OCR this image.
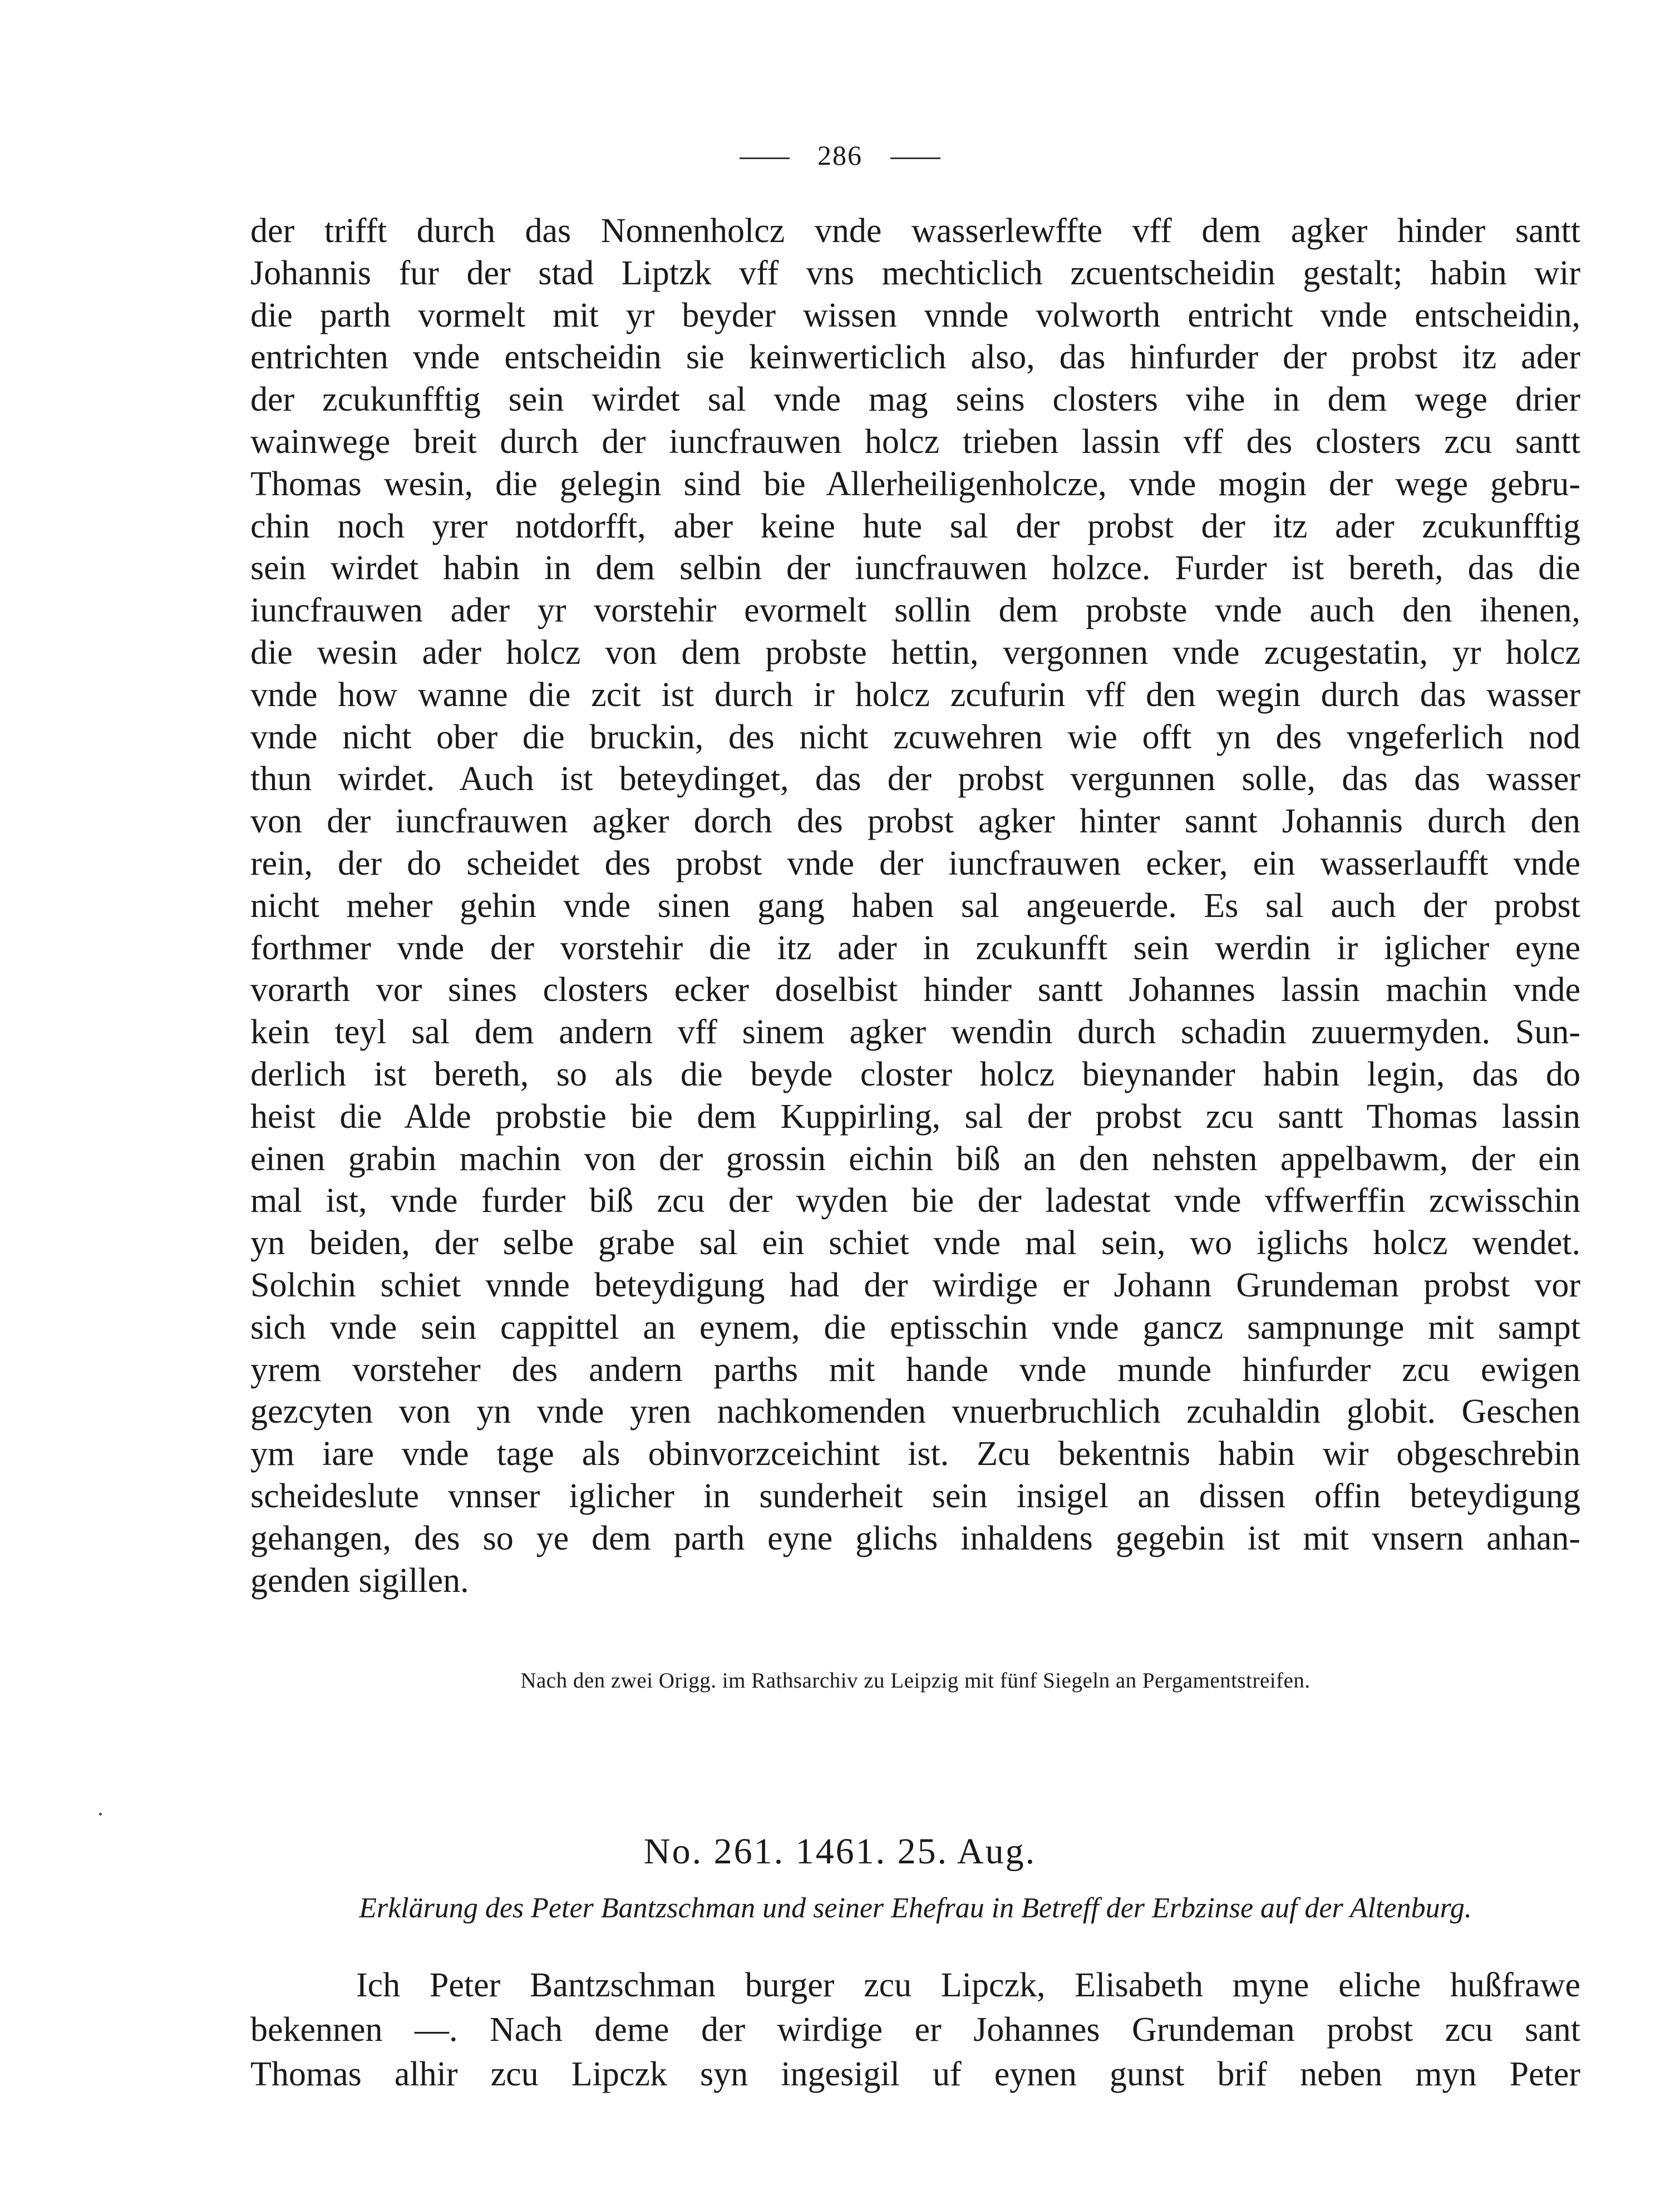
286
der trifft durch das Nonnenholcz vnde wasserlewffte vff dem agker hinder santt
Johannis fur der stad Liptzk vff vns mechticlich zcuentscheidin gestalt; habin wir
die parth vormelt mit yr beyder wissen vnnde volworth entricht vnde entscheidin,
entrichten vnde entscheidin sie keinwerticlich also, das hinfurder der probst itz ader
der zcukunfftig sein wirdet sal vnde mag seins closters vihe in dem wege drier
wainwege breit durch der iuncfrauwen holcz trieben lassin vff des closters zcu santt
Thomas wesin, die gelegin sind bie Allerheiligenholcze, vnde mogin der wege gebru-
chin noch yrer notdorfft, aber keine hute sal der probst der itz ader zcukunfftig
sein wirdet habin in dem selbin der iuncfrauwen holzce. Furder ist bereth, das die
iuncfrauwen ader yr vorstehir evormelt sollin dem probste vnde auch den ihenen,
die wesin ader holcz von dem probste hettin, vergonnen vnde zcugestatin, yr holcz
vnde how wanne die zcit ist durch ir holcz zcufurin vff den wegin durch das wasser
vnde nicht ober die bruckin, des nicht zcuwehren wie offt yn des vngeferlich nod
thun wirdet. Auch ist beteydinget, das der probst vergunnen solle, das das wasser
von der iuncfrauwen agker dorch des probst agker hinter sannt Johannis durch den
rein, der do scheidet des probst vnde der iuncfrauwen ecker, ein wasserlaufft vnde
nicht meher gehin vnde sinen gang haben sal angeuerde. Es sal auch der probst
forthmer vnde der vorstehir die itz ader in zcukunfft sein werdin ir iglicher eyne
vorarth vor sines closters ecker doselbist hinder santt Johannes lassin machin vnde
kein teyl sal dem andern vff sinem agker wendin durch schadin zuuermyden. Sun-
derlich ist bereth, so als die beyde closter holcz bieynander habin legin, das do
heist die Alde probstie bie dem Kuppirling, sal der probst zcu santt Thomas lassin
einen grabin machin von der grossin eichin biß an den nehsten appelbawm, der ein
mal ist, vnde furder biß zcu der wyden bie der ladestat vnde vffwerffin zcwisschin
yn beiden, der selbe grabe sal ein schiet vnde mal sein, wo iglichs holcz wendet.
Solchin schiet vnnde beteydigung had der wirdige er Johann Grundeman probst vor
sich vnde sein cappittel an eynem, die eptisschin vnde gancz sampnunge mit sampt
yrem vorsteher des andern parths mit hande vnde munde hinfurder zcu ewigen
gezcyten von yn vnde yren nachkomenden vnuerbruchlich zcuhaldin globit. Geschen
ym iare vnde tage als obinvorzceichint ist. Zcu bekentnis habin wir obgeschrebin
scheideslute vnnser iglicher in sunderheit sein insigel an dissen offin beteydigung
gehangen, des so ye dem parth eyne glichs inhaldens gegebin ist mit vnsern anhan-
genden sigillen.
Nach den zwei Origg. im Rathsarchiv zu Leipzig mit fünf Siegeln an Pergamentstreifen.
No. 261. 1461. 25. Aug.
Erklärung des Peter Bantzschman und seiner Ehefrau in Betreff der Erbzinse auf der Altenburg.
Ich Peter Bantzschman burger zcu Lipczk, Elisabeth myne eliche hußfrawe
bekennen —. Nach deme der wirdige er Johannes Grundeman probst zcu sant
Thomas alhir zcu Lipczk syn ingesigil uf eynen gunst brif neben myn Peter
